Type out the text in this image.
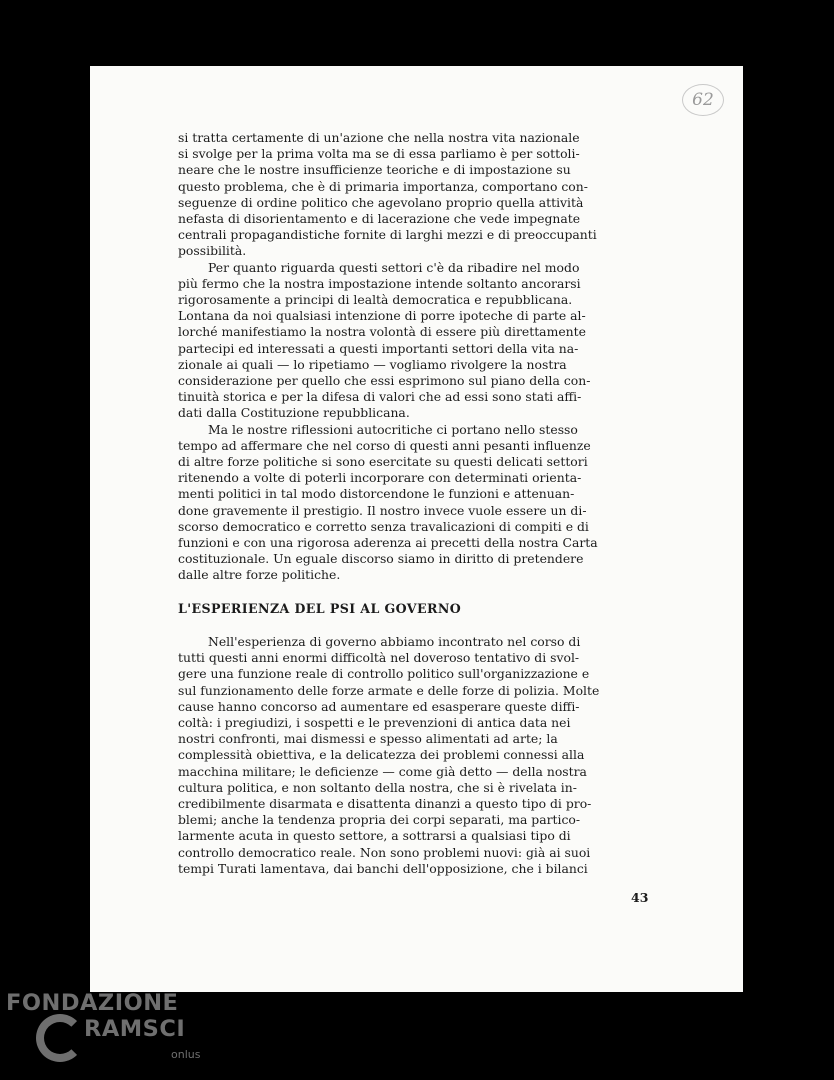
62
si tratta certamente di un'azione che nella nostra vita nazionale
si svolge per la prima volta ma se di essa parliamo è per sottoli-
neare che le nostre insufficienze teoriche e di impostazione su
questo problema, che è di primaria importanza, comportano con-
seguenze di ordine politico che agevolano proprio quella attività
nefasta di disorientamento e di lacerazione che vede impegnate
centrali propagandistiche fornite di larghi mezzi e di preoccupanti
possibilità.
Per quanto riguarda questi settori c'è da ribadire nel modo
più fermo che la nostra impostazione intende soltanto ancorarsi
rigorosamente a principi di lealtà democratica e repubblicana.
Lontana da noi qualsiasi intenzione di porre ipoteche di parte al-
lorché manifestiamo la nostra volontà di essere più direttamente
partecipi ed interessati a questi importanti settori della vita na-
zionale ai quali — lo ripetiamo — vogliamo rivolgere la nostra
considerazione per quello che essi esprimono sul piano della con-
tinuità storica e per la difesa di valori che ad essi sono stati affi-
dati dalla Costituzione repubblicana.
Ma le nostre riflessioni autocritiche ci portano nello stesso
tempo ad affermare che nel corso di questi anni pesanti influenze
di altre forze politiche si sono esercitate su questi delicati settori
ritenendo a volte di poterli incorporare con determinati orienta-
menti politici in tal modo distorcendone le funzioni e attenuan-
done gravemente il prestigio. Il nostro invece vuole essere un di-
scorso democratico e corretto senza travalicazioni di compiti e di
funzioni e con una rigorosa aderenza ai precetti della nostra Carta
costituzionale. Un eguale discorso siamo in diritto di pretendere
dalle altre forze politiche.
L'ESPERIENZA DEL PSI AL GOVERNO
Nell'esperienza di governo abbiamo incontrato nel corso di
tutti questi anni enormi difficoltà nel doveroso tentativo di svol-
gere una funzione reale di controllo politico sull'organizzazione e
sul funzionamento delle forze armate e delle forze di polizia. Molte
cause hanno concorso ad aumentare ed esasperare queste diffi-
coltà: i pregiudizi, i sospetti e le prevenzioni di antica data nei
nostri confronti, mai dismessi e spesso alimentati ad arte; la
complessità obiettiva, e la delicatezza dei problemi connessi alla
macchina militare; le deficienze — come già detto — della nostra
cultura politica, e non soltanto della nostra, che si è rivelata in-
credibilmente disarmata e disattenta dinanzi a questo tipo di pro-
blemi; anche la tendenza propria dei corpi separati, ma partico-
larmente acuta in questo settore, a sottrarsi a qualsiasi tipo di
controllo democratico reale. Non sono problemi nuovi: già ai suoi
tempi Turati lamentava, dai banchi dell'opposizione, che i bilanci
43
FONDAZIONE
RAMSCI
onlus
